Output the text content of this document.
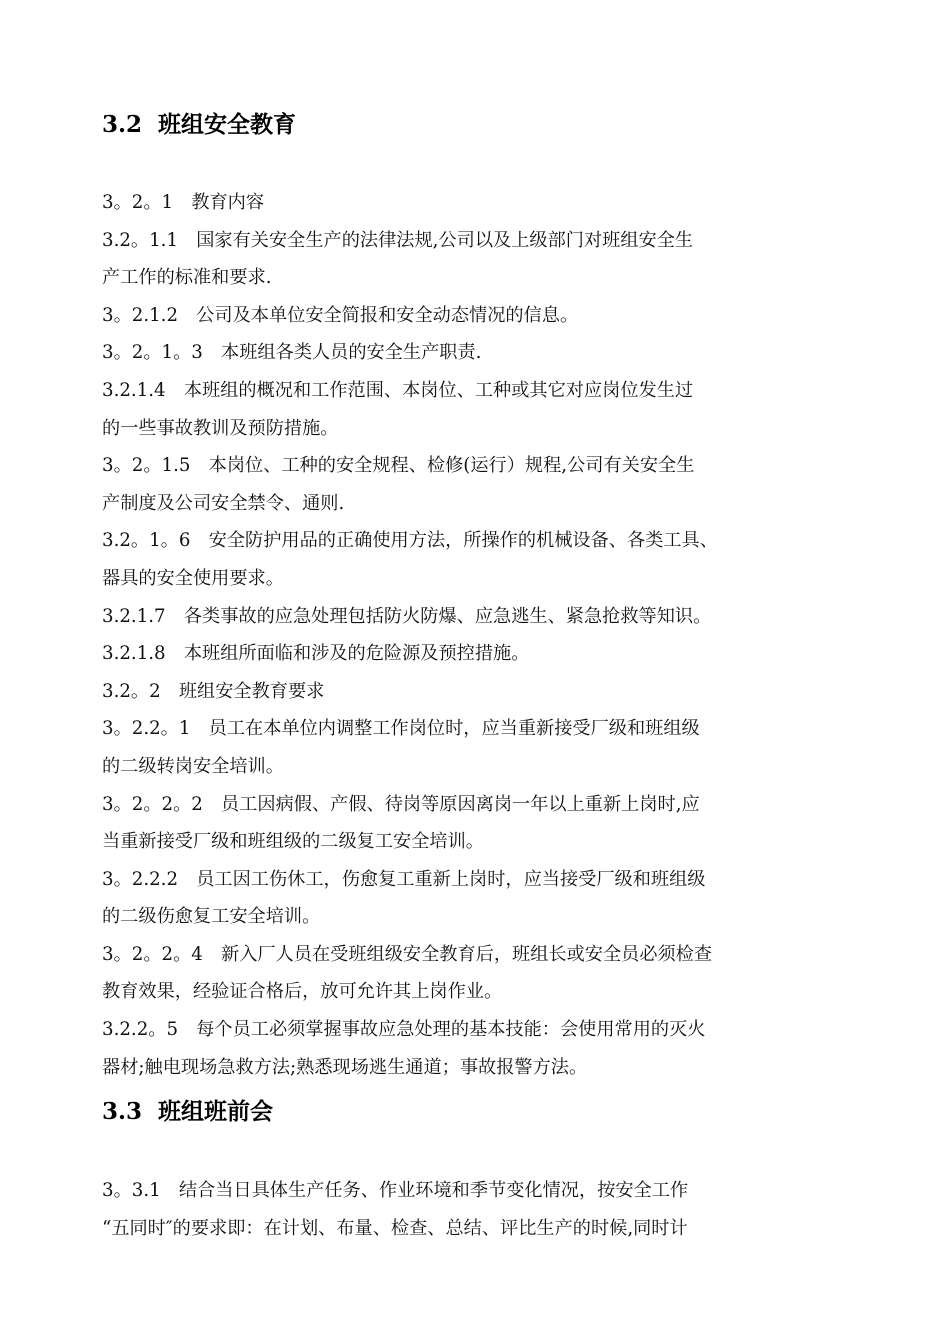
3.2 班组安全教育
3。2。1　教育内容
3.2。1.1　国家有关安全生产的法律法规,公司以及上级部门对班组安全生
产工作的标准和要求.
3。2.1.2　公司及本单位安全简报和安全动态情况的信息。
3。2。1。3　本班组各类人员的安全生产职责.
3.2.1.4　本班组的概况和工作范围、本岗位、工种或其它对应岗位发生过
的一些事故教训及预防措施。
3。2。1.5　本岗位、工种的安全规程、检修(运行）规程,公司有关安全生
产制度及公司安全禁令、通则.
3.2。1。6　安全防护用品的正确使用方法，所操作的机械设备、各类工具、
器具的安全使用要求。
3.2.1.7　各类事故的应急处理包括防火防爆、应急逃生、紧急抢救等知识。
3.2.1.8　本班组所面临和涉及的危险源及预控措施。
3.2。2　班组安全教育要求
3。2.2。1　员工在本单位内调整工作岗位时，应当重新接受厂级和班组级
的二级转岗安全培训。
3。2。2。2　员工因病假、产假、待岗等原因离岗一年以上重新上岗时,应
当重新接受厂级和班组级的二级复工安全培训。
3。2.2.2　员工因工伤休工，伤愈复工重新上岗时，应当接受厂级和班组级
的二级伤愈复工安全培训。
3。2。2。4　新入厂人员在受班组级安全教育后，班组长或安全员必须检查
教育效果，经验证合格后，放可允许其上岗作业。
3.2.2。5　每个员工必须掌握事故应急处理的基本技能：会使用常用的灭火
器材;触电现场急救方法;熟悉现场逃生通道；事故报警方法。
3.3 班组班前会
3。3.1　结合当日具体生产任务、作业环境和季节变化情况，按安全工作
“五同时″的要求即：在计划、布量、检查、总结、评比生产的时候,同时计
